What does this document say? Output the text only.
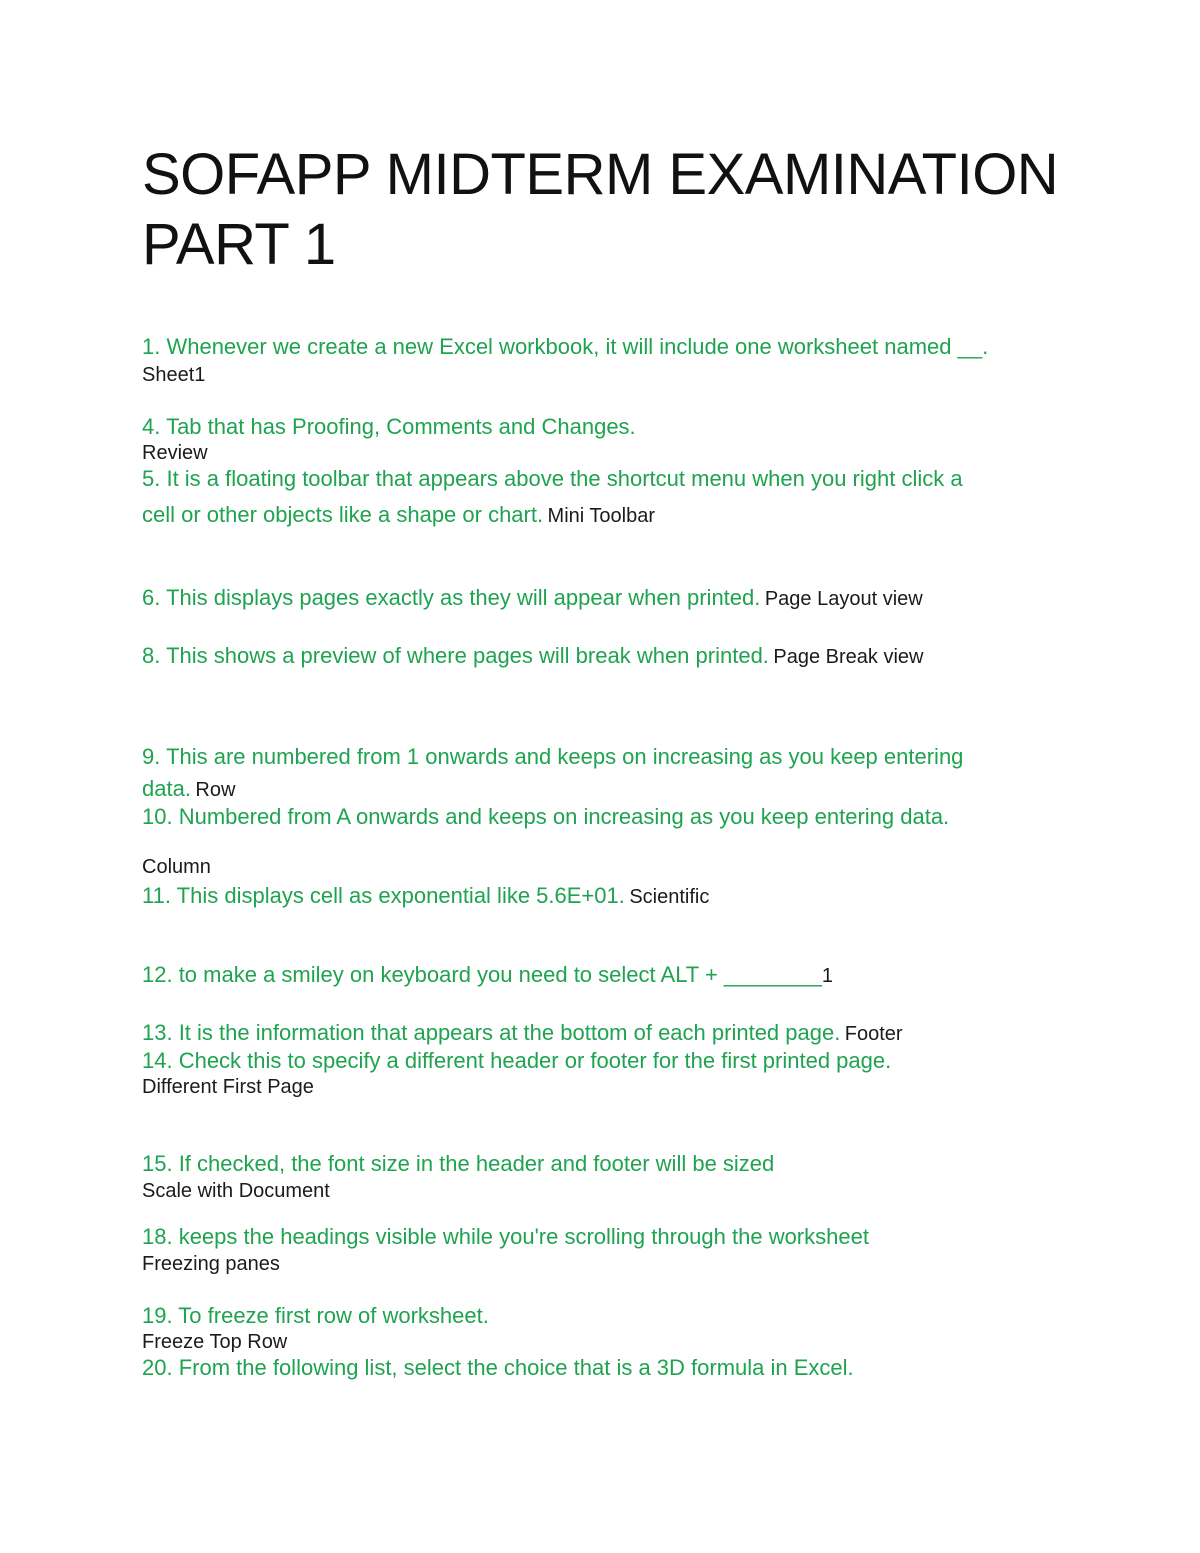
SOFAPP MIDTERM EXAMINATION
PART 1
1. Whenever we create a new Excel workbook, it will include one worksheet named __.
Sheet1
4. Tab that has Proofing, Comments and Changes.
Review
5. It is a floating toolbar that appears above the shortcut menu when you right click a
cell or other objects like a shape or chart. Mini Toolbar
6. This displays pages exactly as they will appear when printed. Page Layout view
8. This shows a preview of where pages will break when printed. Page Break view
9. This are numbered from 1 onwards and keeps on increasing as you keep entering
data. Row
10. Numbered from A onwards and keeps on increasing as you keep entering data.
Column
11. This displays cell as exponential like 5.6E+01. Scientific
12. to make a smiley on keyboard you need to select ALT + ________1
13. It is the information that appears at the bottom of each printed page. Footer
14. Check this to specify a different header or footer for the first printed page.
Different First Page
15. If checked, the font size in the header and footer will be sized
Scale with Document
18. keeps the headings visible while you're scrolling through the worksheet
Freezing panes
19. To freeze first row of worksheet.
Freeze Top Row
20. From the following list, select the choice that is a 3D formula in Excel.
